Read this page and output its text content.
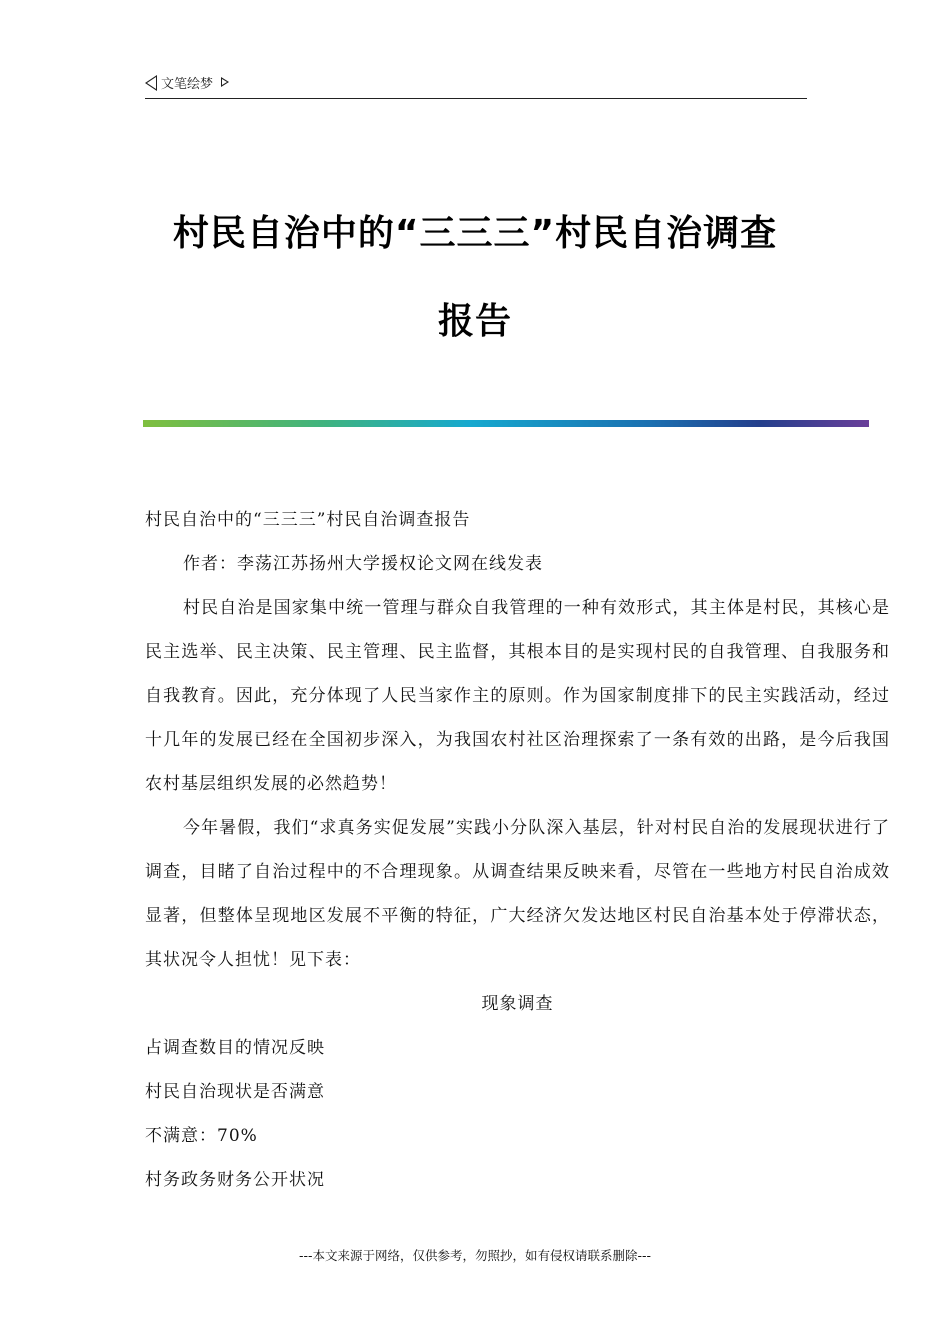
文笔绘梦
村民自治中的“三三三”村民自治调查
报告

村民自治中的“三三三”村民自治调查报告

作者：李荡江苏扬州大学援权论文网在线发表

村民自治是国家集中统一管理与群众自我管理的一种有效形式，其主体是村民，其核心是民主选举、民主决策、民主管理、民主监督，其根本目的是实现村民的自我管理、自我服务和自我教育。因此，充分体现了人民当家作主的原则。作为国家制度排下的民主实践活动，经过十几年的发展已经在全国初步深入，为我国农村社区治理探索了一条有效的出路，是今后我国农村基层组织发展的必然趋势！

今年暑假，我们“求真务实促发展”实践小分队深入基层，针对村民自治的发展现状进行了调查，目睹了自治过程中的不合理现象。从调查结果反映来看，尽管在一些地方村民自治成效显著，但整体呈现地区发展不平衡的特征，广大经济欠发达地区村民自治基本处于停滞状态，其状况令人担忧！见下表：

现象调查

占调查数目的情况反映

村民自治现状是否满意

不满意：70%

村务政务财务公开状况

---本文来源于网络，仅供参考，勿照抄，如有侵权请联系删除---
